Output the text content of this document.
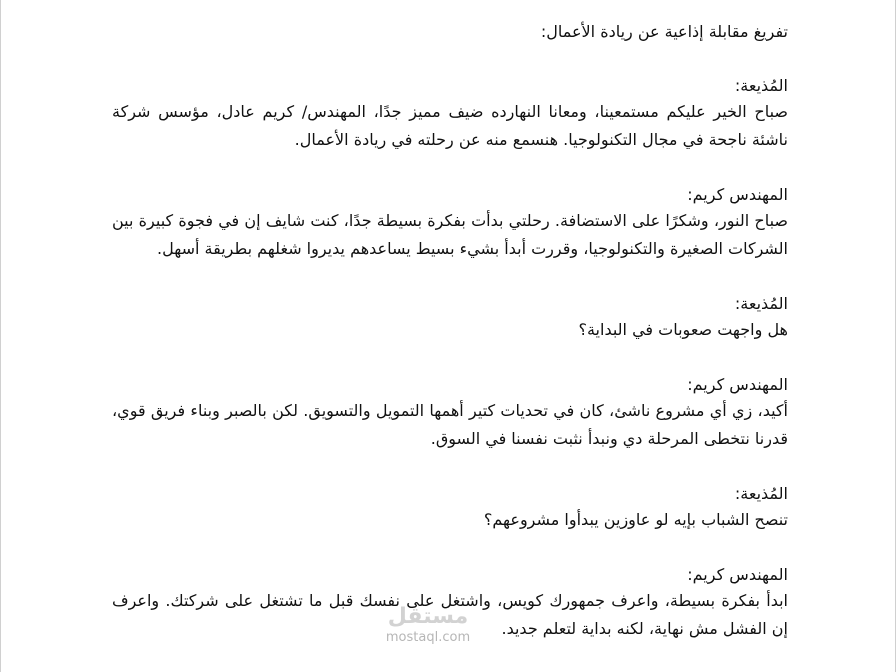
تفريغ مقابلة إذاعية عن ريادة الأعمال:

المُذيعة:

صباح الخير عليكم مستمعينا، ومعانا النهارده ضيف مميز جدًا، المهندس/ كريم عادل، مؤسس شركة ناشئة ناجحة في مجال التكنولوجيا. هنسمع منه عن رحلته في ريادة الأعمال.

المهندس كريم:

صباح النور، وشكرًا على الاستضافة. رحلتي بدأت بفكرة بسيطة جدًا، كنت شايف إن في فجوة كبيرة بين الشركات الصغيرة والتكنولوجيا، وقررت أبدأ بشيء بسيط يساعدهم يديروا شغلهم بطريقة أسهل.

المُذيعة:

هل واجهت صعوبات في البداية؟

المهندس كريم:

أكيد، زي أي مشروع ناشئ، كان في تحديات كتير أهمها التمويل والتسويق. لكن بالصبر وبناء فريق قوي، قدرنا نتخطى المرحلة دي ونبدأ نثبت نفسنا في السوق.

المُذيعة:

تنصح الشباب بإيه لو عاوزين يبدأوا مشروعهم؟

المهندس كريم:

ابدأ بفكرة بسيطة، واعرف جمهورك كويس، واشتغل على نفسك قبل ما تشتغل على شركتك. واعرف إن الفشل مش نهاية، لكنه بداية لتعلم جديد.

مستقل
mostaql.com
